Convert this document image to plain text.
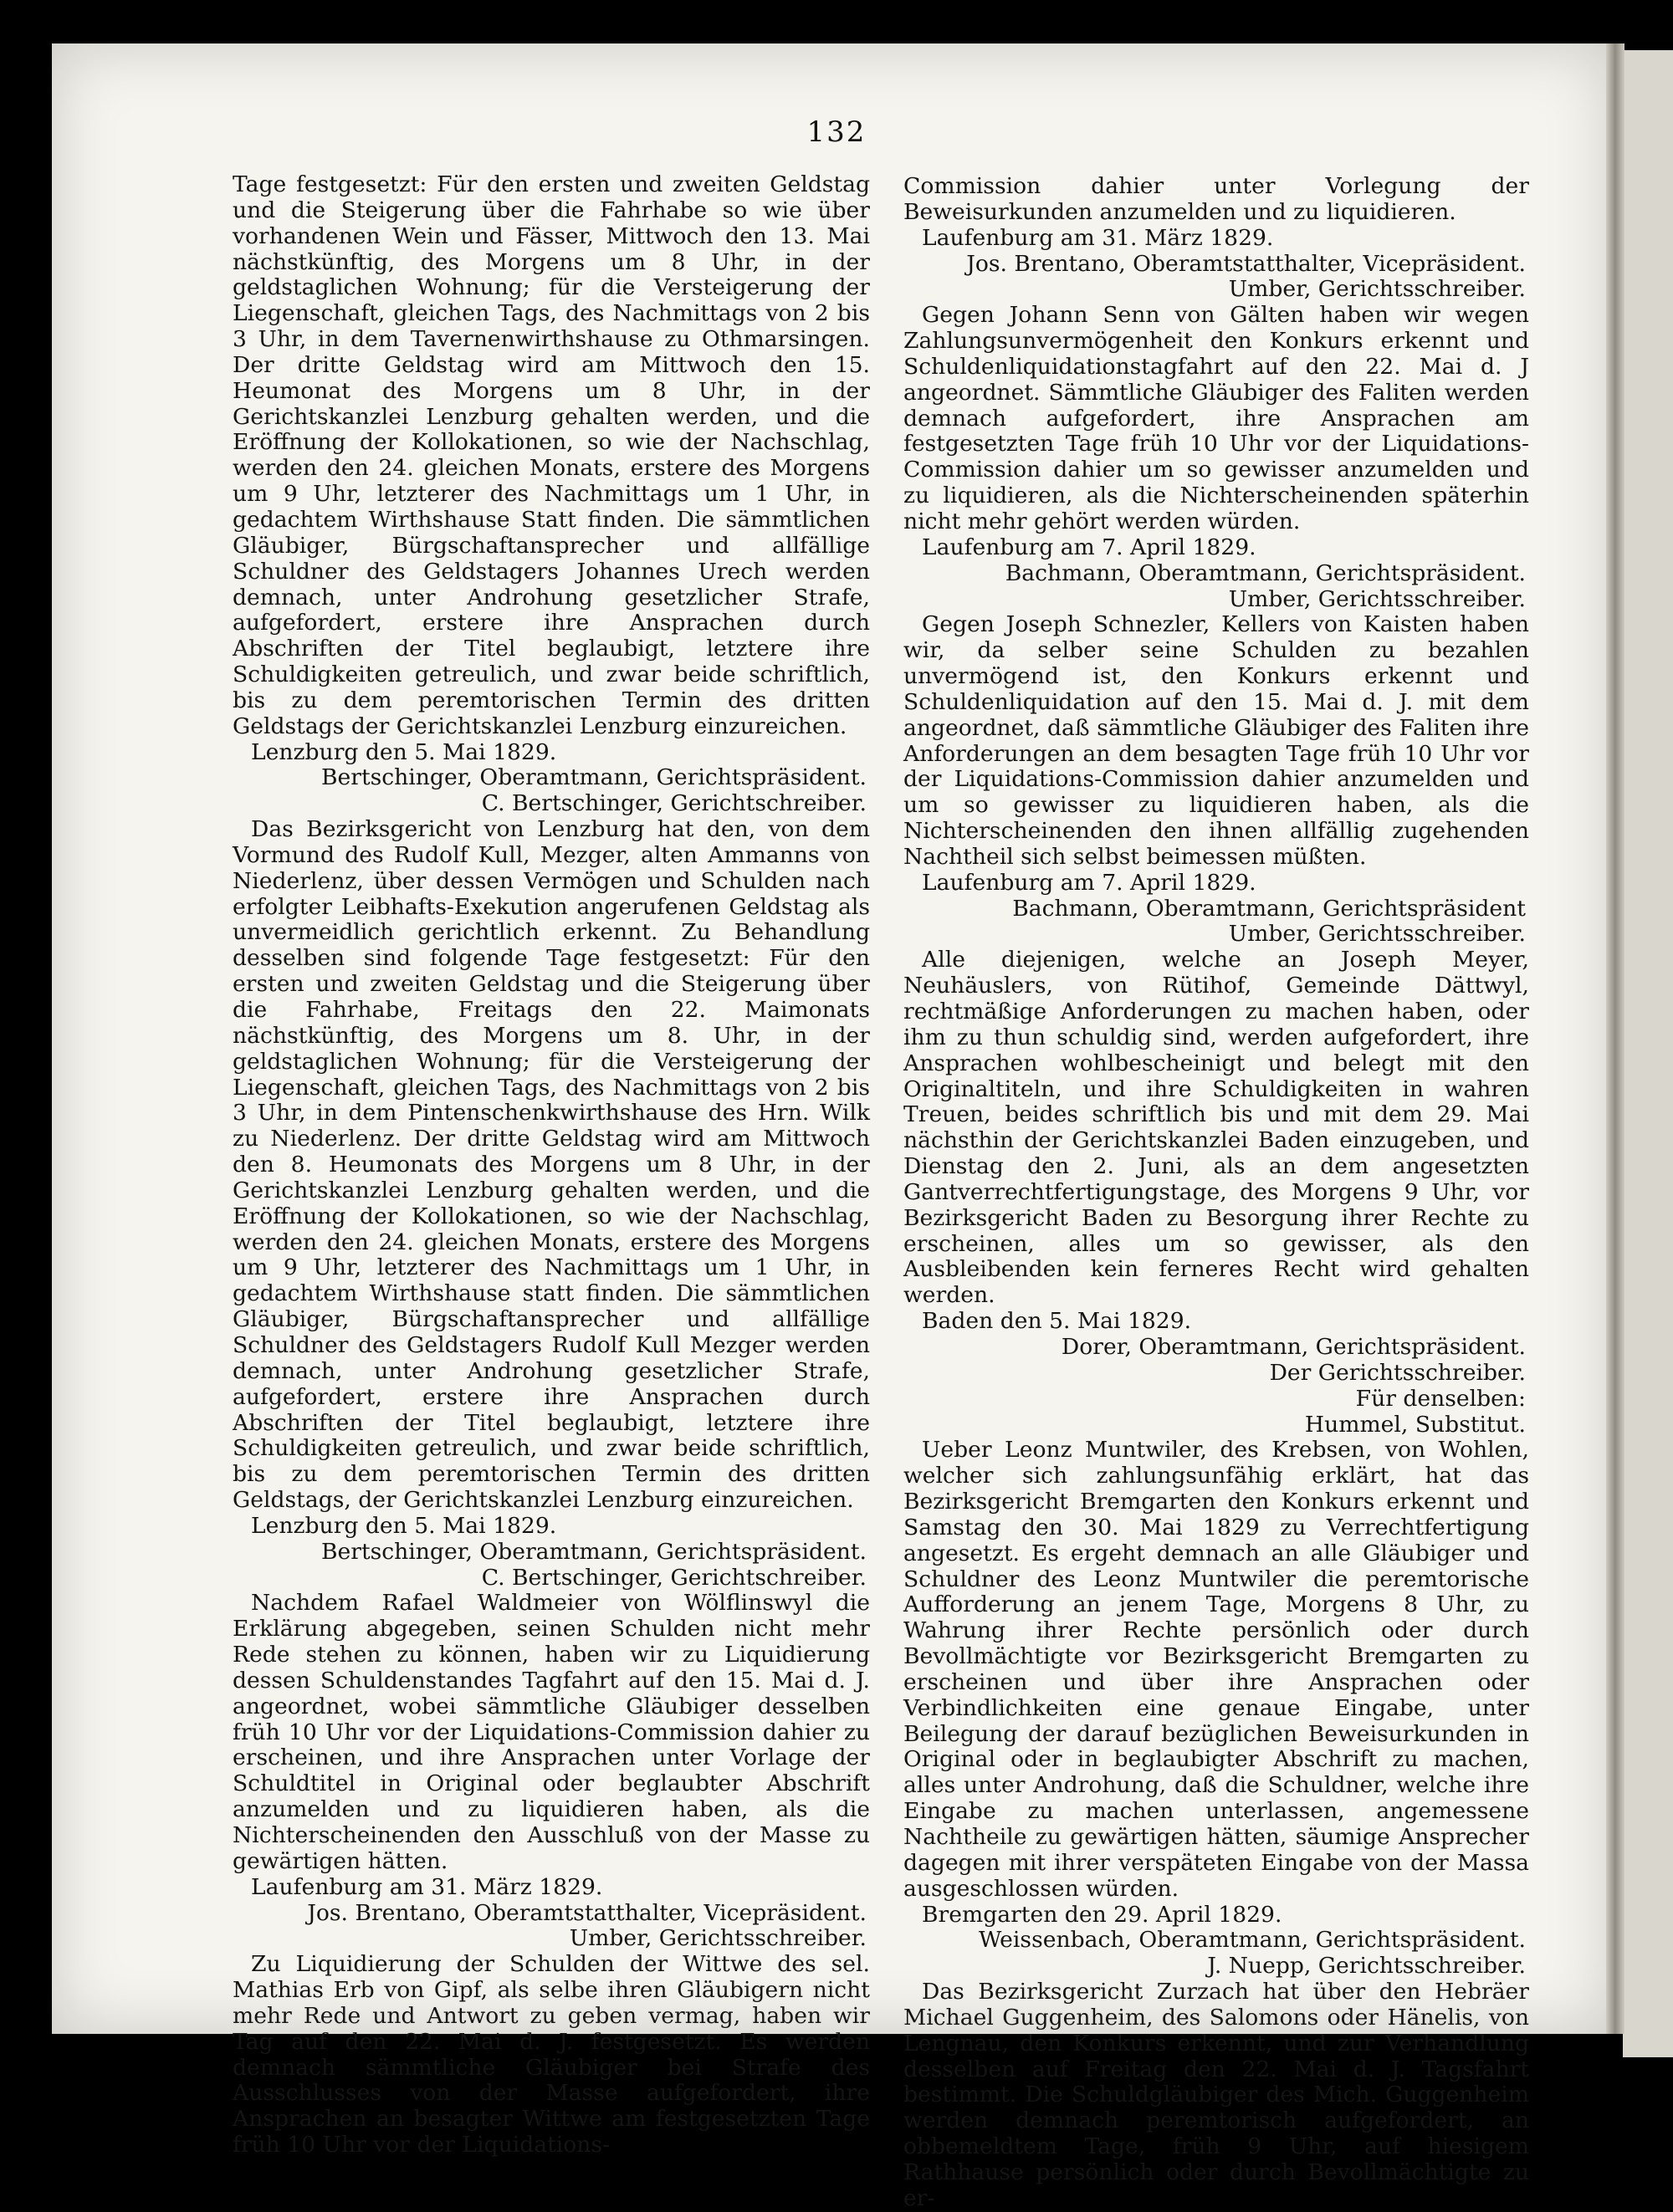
132

Tage festgesetzt: Für den ersten und zweiten Geldstag und die Steigerung über die Fahrhabe so wie über vorhandenen Wein und Fässer, Mittwoch den 13. Mai nächstkünftig, des Morgens um 8 Uhr, in der geldstaglichen Wohnung; für die Versteigerung der Liegenschaft, gleichen Tags, des Nachmittags von 2 bis 3 Uhr, in dem Tavernenwirthshause zu Othmarsingen. Der dritte Geldstag wird am Mittwoch den 15. Heumonat des Morgens um 8 Uhr, in der Gerichtskanzlei Lenzburg gehalten werden, und die Eröffnung der Kollokationen, so wie der Nachschlag, werden den 24. gleichen Monats, erstere des Morgens um 9 Uhr, letzterer des Nachmittags um 1 Uhr, in gedachtem Wirthshause Statt finden. Die sämmtlichen Gläubiger, Bürgschaftansprecher und allfällige Schuldner des Geldstagers Johannes Urech werden demnach, unter Androhung gesetzlicher Strafe, aufgefordert, erstere ihre Ansprachen durch Abschriften der Titel beglaubigt, letztere ihre Schuldigkeiten getreulich, und zwar beide schriftlich, bis zu dem peremtorischen Termin des dritten Geldstags der Gerichtskanzlei Lenzburg einzureichen.

Lenzburg den 5. Mai 1829.

Bertschinger, Oberamtmann, Gerichtspräsident.

C. Bertschinger, Gerichtschreiber.

Das Bezirksgericht von Lenzburg hat den, von dem Vormund des Rudolf Kull, Mezger, alten Ammanns von Niederlenz, über dessen Vermögen und Schulden nach erfolgter Leibhafts-Exekution angerufenen Geldstag als unvermeidlich gerichtlich erkennt. Zu Behandlung desselben sind folgende Tage festgesetzt: Für den ersten und zweiten Geldstag und die Steigerung über die Fahrhabe, Freitags den 22. Maimonats nächstkünftig, des Morgens um 8. Uhr, in der geldstaglichen Wohnung; für die Versteigerung der Liegenschaft, gleichen Tags, des Nachmittags von 2 bis 3 Uhr, in dem Pintenschenkwirthshause des Hrn. Wilk zu Niederlenz. Der dritte Geldstag wird am Mittwoch den 8. Heumonats des Morgens um 8 Uhr, in der Gerichtskanzlei Lenzburg gehalten werden, und die Eröffnung der Kollokationen, so wie der Nachschlag, werden den 24. gleichen Monats, erstere des Morgens um 9 Uhr, letzterer des Nachmittags um 1 Uhr, in gedachtem Wirthshause statt finden. Die sämmtlichen Gläubiger, Bürgschaftansprecher und allfällige Schuldner des Geldstagers Rudolf Kull Mezger werden demnach, unter Androhung gesetzlicher Strafe, aufgefordert, erstere ihre Ansprachen durch Abschriften der Titel beglaubigt, letztere ihre Schuldigkeiten getreulich, und zwar beide schriftlich, bis zu dem peremtorischen Termin des dritten Geldstags, der Gerichtskanzlei Lenzburg einzureichen.

Lenzburg den 5. Mai 1829.

Bertschinger, Oberamtmann, Gerichtspräsident.

C. Bertschinger, Gerichtschreiber.

Nachdem Rafael Waldmeier von Wölflinswyl die Erklärung abgegeben, seinen Schulden nicht mehr Rede stehen zu können, haben wir zu Liquidierung dessen Schuldenstandes Tagfahrt auf den 15. Mai d. J. angeordnet, wobei sämmtliche Gläubiger desselben früh 10 Uhr vor der Liquidations-Commission dahier zu erscheinen, und ihre Ansprachen unter Vorlage der Schuldtitel in Original oder beglaubter Abschrift anzumelden und zu liquidieren haben, als die Nichterscheinenden den Ausschluß von der Masse zu gewärtigen hätten.

Laufenburg am 31. März 1829.

Jos. Brentano, Oberamtstatthalter, Vicepräsident.

Umber, Gerichtsschreiber.

Zu Liquidierung der Schulden der Wittwe des sel. Mathias Erb von Gipf, als selbe ihren Gläubigern nicht mehr Rede und Antwort zu geben vermag, haben wir Tag auf den 22. Mai d. J. festgesetzt. Es werden demnach sämmtliche Gläubiger bei Strafe des Ausschlusses von der Masse aufgefordert, ihre Ansprachen an besagter Wittwe am festgesetzten Tage früh 10 Uhr vor der Liquidations-

Commission dahier unter Vorlegung der Beweisurkunden anzumelden und zu liquidieren.

Laufenburg am 31. März 1829.

Jos. Brentano, Oberamtstatthalter, Vicepräsident.

Umber, Gerichtsschreiber.

Gegen Johann Senn von Gälten haben wir wegen Zahlungsunvermögenheit den Konkurs erkennt und Schuldenliquidationstagfahrt auf den 22. Mai d. J angeordnet. Sämmtliche Gläubiger des Faliten werden demnach aufgefordert, ihre Ansprachen am festgesetzten Tage früh 10 Uhr vor der Liquidations-Commission dahier um so gewisser anzumelden und zu liquidieren, als die Nichterscheinenden späterhin nicht mehr gehört werden würden.

Laufenburg am 7. April 1829.

Bachmann, Oberamtmann, Gerichtspräsident.

Umber, Gerichtsschreiber.

Gegen Joseph Schnezler, Kellers von Kaisten haben wir, da selber seine Schulden zu bezahlen unvermögend ist, den Konkurs erkennt und Schuldenliquidation auf den 15. Mai d. J. mit dem angeordnet, daß sämmtliche Gläubiger des Faliten ihre Anforderungen an dem besagten Tage früh 10 Uhr vor der Liquidations-Commission dahier anzumelden und um so gewisser zu liquidieren haben, als die Nichterscheinenden den ihnen allfällig zugehenden Nachtheil sich selbst beimessen müßten.

Laufenburg am 7. April 1829.

Bachmann, Oberamtmann, Gerichtspräsident

Umber, Gerichtsschreiber.

Alle diejenigen, welche an Joseph Meyer, Neuhäuslers, von Rütihof, Gemeinde Dättwyl, rechtmäßige Anforderungen zu machen haben, oder ihm zu thun schuldig sind, werden aufgefordert, ihre Ansprachen wohlbescheinigt und belegt mit den Originaltiteln, und ihre Schuldigkeiten in wahren Treuen, beides schriftlich bis und mit dem 29. Mai nächsthin der Gerichtskanzlei Baden einzugeben, und Dienstag den 2. Juni, als an dem angesetzten Gantverrechtfertigungstage, des Morgens 9 Uhr, vor Bezirksgericht Baden zu Besorgung ihrer Rechte zu erscheinen, alles um so gewisser, als den Ausbleibenden kein ferneres Recht wird gehalten werden.

Baden den 5. Mai 1829.

Dorer, Oberamtmann, Gerichtspräsident.

Der Gerichtsschreiber.

Für denselben:

Hummel, Substitut.

Ueber Leonz Muntwiler, des Krebsen, von Wohlen, welcher sich zahlungsunfähig erklärt, hat das Bezirksgericht Bremgarten den Konkurs erkennt und Samstag den 30. Mai 1829 zu Verrechtfertigung angesetzt. Es ergeht demnach an alle Gläubiger und Schuldner des Leonz Muntwiler die peremtorische Aufforderung an jenem Tage, Morgens 8 Uhr, zu Wahrung ihrer Rechte persönlich oder durch Bevollmächtigte vor Bezirksgericht Bremgarten zu erscheinen und über ihre Ansprachen oder Verbindlichkeiten eine genaue Eingabe, unter Beilegung der darauf bezüglichen Beweisurkunden in Original oder in beglaubigter Abschrift zu machen, alles unter Androhung, daß die Schuldner, welche ihre Eingabe zu machen unterlassen, angemessene Nachtheile zu gewärtigen hätten, säumige Ansprecher dagegen mit ihrer verspäteten Eingabe von der Massa ausgeschlossen würden.

Bremgarten den 29. April 1829.

Weissenbach, Oberamtmann, Gerichtspräsident.

J. Nuepp, Gerichtsschreiber.

Das Bezirksgericht Zurzach hat über den Hebräer Michael Guggenheim, des Salomons oder Hänelis, von Lengnau, den Konkurs erkennt, und zur Verhandlung desselben auf Freitag den 22. Mai d. J. Tagsfahrt bestimmt. Die Schuldgläubiger des Mich. Guggenheim werden demnach peremtorisch aufgefordert, an obbemeldtem Tage, früh 9 Uhr, auf hiesigem Rathhause persönlich oder durch Bevollmächtigte zu er-
